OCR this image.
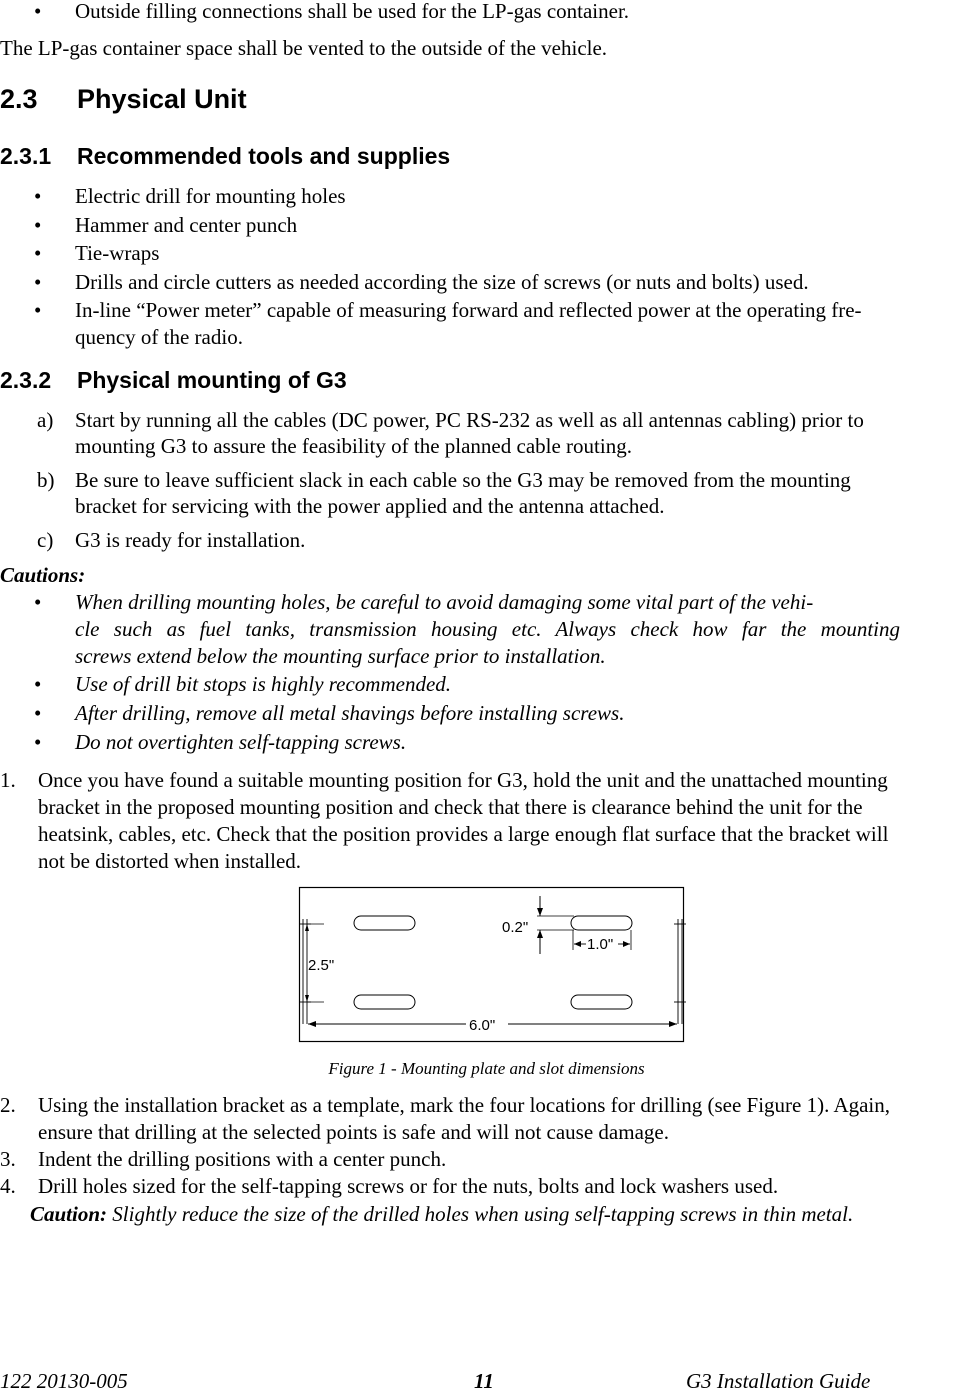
• Outside filling connections shall be used for the LP-gas container.
The LP-gas container space shall be vented to the outside of the vehicle.
2.3 Physical Unit
2.3.1 Recommended tools and supplies
• Electric drill for mounting holes
• Hammer and center punch
• Tie-wraps
• Drills and circle cutters as needed according the size of screws (or nuts and bolts) used.
• In-line “Power meter” capable of measuring forward and reflected power at the operating fre-
quency of the radio.
2.3.2 Physical mounting of G3
a) Start by running all the cables (DC power, PC RS-232 as well as all antennas cabling) prior to
mounting G3 to assure the feasibility of the planned cable routing.
b) Be sure to leave sufficient slack in each cable so the G3 may be removed from the mounting
bracket for servicing with the power applied and the antenna attached.
c) G3 is ready for installation.
Cautions:
• When drilling mounting holes, be careful to avoid damaging some vital part of the vehi-
cle such as fuel tanks, transmission housing etc. Always check how far the mounting
screws extend below the mounting surface prior to installation.
• Use of drill bit stops is highly recommended.
• After drilling, remove all metal shavings before installing screws.
• Do not overtighten self-tapping screws.
1. Once you have found a suitable mounting position for G3, hold the unit and the unattached mounting
bracket in the proposed mounting position and check that there is clearance behind the unit for the
heatsink, cables, etc. Check that the position provides a large enough flat surface that the bracket will
not be distorted when installed.
0.2"
1.0"
2.5"
6.0"
Figure 1 - Mounting plate and slot dimensions
2. Using the installation bracket as a template, mark the four locations for drilling (see Figure 1). Again,
ensure that drilling at the selected points is safe and will not cause damage.
3. Indent the drilling positions with a center punch.
4. Drill holes sized for the self-tapping screws or for the nuts, bolts and lock washers used.
Caution: Slightly reduce the size of the drilled holes when using self-tapping screws in thin metal.
122 20130-005	11	G3 Installation Guide
